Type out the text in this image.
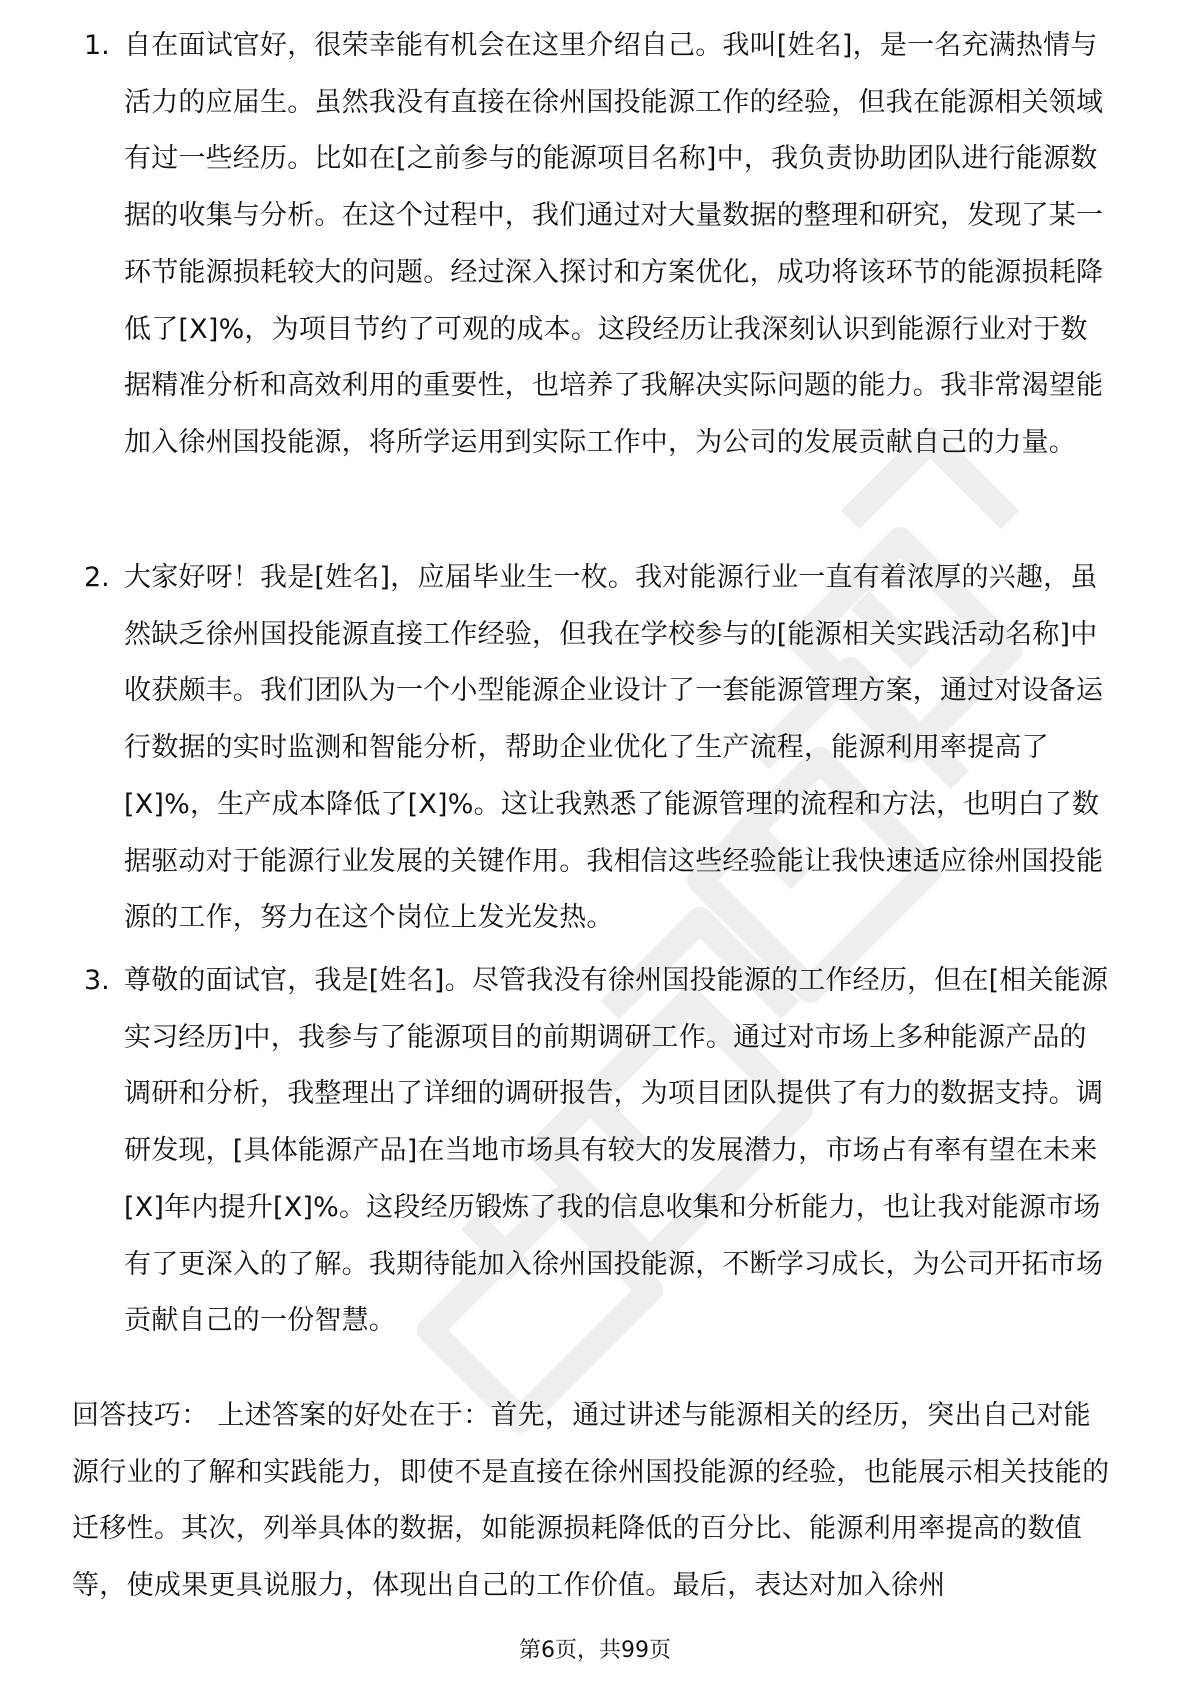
1. 自在面试官好，很荣幸能有机会在这里介绍自己。我叫[姓名]，是一名充满热情与活力的应届生。虽然我没有直接在徐州国投能源工作的经验，但我在能源相关领域有过一些经历。比如在[之前参与的能源项目名称]中，我负责协助团队进行能源数据的收集与分析。在这个过程中，我们通过对大量数据的整理和研究，发现了某一环节能源损耗较大的问题。经过深入探讨和方案优化，成功将该环节的能源损耗降低了[X]%，为项目节约了可观的成本。这段经历让我深刻认识到能源行业对于数据精准分析和高效利用的重要性，也培养了我解决实际问题的能力。我非常渴望能加入徐州国投能源，将所学运用到实际工作中，为公司的发展贡献自己的力量。
2. 大家好呀！我是[姓名]，应届毕业生一枚。我对能源行业一直有着浓厚的兴趣，虽然缺乏徐州国投能源直接工作经验，但我在学校参与的[能源相关实践活动名称]中收获颇丰。我们团队为一个小型能源企业设计了一套能源管理方案，通过对设备运行数据的实时监测和智能分析，帮助企业优化了生产流程，能源利用率提高了[X]%，生产成本降低了[X]%。这让我熟悉了能源管理的流程和方法，也明白了数据驱动对于能源行业发展的关键作用。我相信这些经验能让我快速适应徐州国投能源的工作，努力在这个岗位上发光发热。
3. 尊敬的面试官，我是[姓名]。尽管我没有徐州国投能源的工作经历，但在[相关能源实习经历]中，我参与了能源项目的前期调研工作。通过对市场上多种能源产品的调研和分析，我整理出了详细的调研报告，为项目团队提供了有力的数据支持。调研发现，[具体能源产品]在当地市场具有较大的发展潜力，市场占有率有望在未来[X]年内提升[X]%。这段经历锻炼了我的信息收集和分析能力，也让我对能源市场有了更深入的了解。我期待能加入徐州国投能源，不断学习成长，为公司开拓市场贡献自己的一份智慧。
回答技巧： 上述答案的好处在于：首先，通过讲述与能源相关的经历，突出自己对能源行业的了解和实践能力，即使不是直接在徐州国投能源的经验，也能展示相关技能的迁移性。其次，列举具体的数据，如能源损耗降低的百分比、能源利用率提高的数值等，使成果更具说服力，体现出自己的工作价值。最后，表达对加入徐州
第6页，共99页
